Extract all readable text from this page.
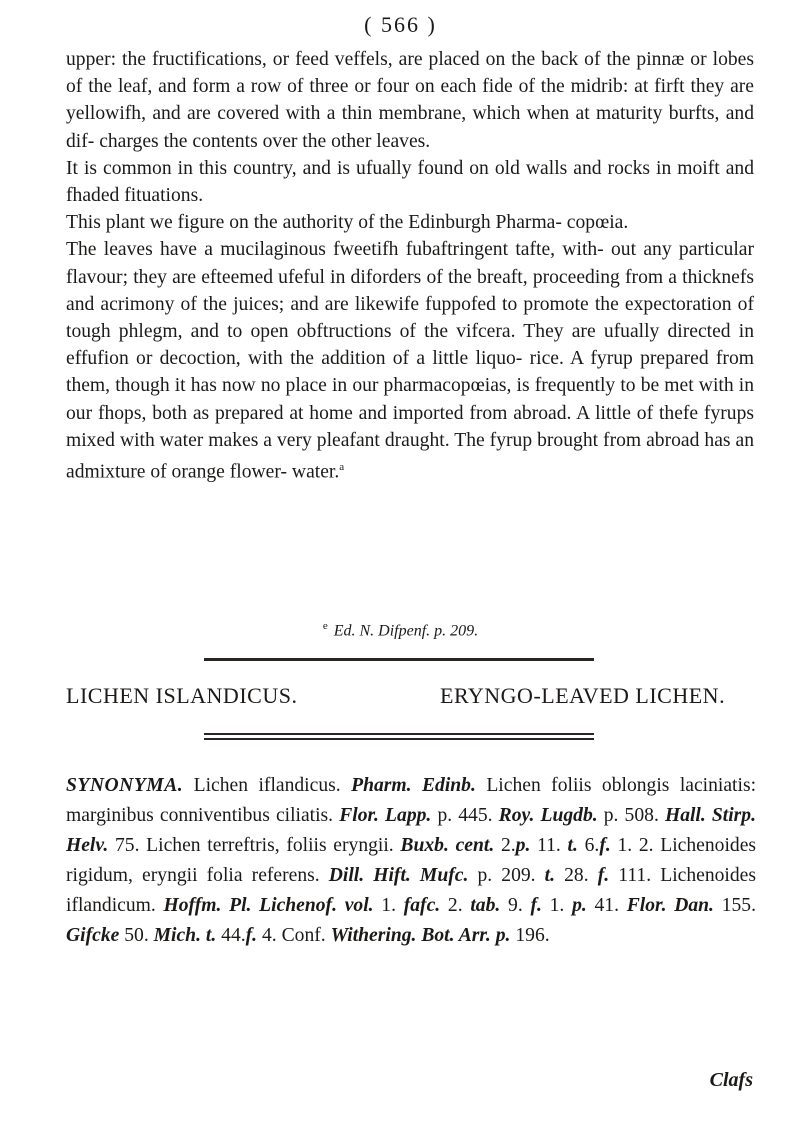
( 566 )

upper: the fructifications, or feed veffels, are placed on the back of the pinnæ or lobes of the leaf, and form a row of three or four on each fide of the midrib: at firft they are yellowifh, and are covered with a thin membrane, which when at maturity burfts, and dif- charges the contents over the other leaves.

It is common in this country, and is ufually found on old walls and rocks in moift and fhaded fituations.

This plant we figure on the authority of the Edinburgh Pharma- copœia.

The leaves have a mucilaginous fweetifh fubaftringent tafte, with- out any particular flavour; they are efteemed ufeful in diforders of the breaft, proceeding from a thicknefs and acrimony of the juices; and are likewife fuppofed to promote the expectoration of tough phlegm, and to open obftructions of the vifcera. They are ufually directed in effufion or decoction, with the addition of a little liquo- rice. A fyrup prepared from them, though it has now no place in our pharmacopœias, is frequently to be met with in our fhops, both as prepared at home and imported from abroad. A little of thefe fyrups mixed with water makes a very pleafant draught. The fyrup brought from abroad has an admixture of orange flower- water.$^a$

$^e$ Ed. N. Difpenf. p. 209.
LICHEN ISLANDICUS.	ERYNGO-LEAVED LICHEN.

SYNONYMA. Lichen iflandicus. Pharm. Edinb. Lichen foliis oblongis laciniatis: marginibus conniventibus ciliatis. Flor. Lapp. p. 445. Roy. Lugdb. p. 508. Hall. Stirp. Helv. 75. Lichen terreftris, foliis eryngii. Buxb. cent. 2.p. 11. t. 6.f. 1. 2. Lichenoides rigidum, eryngii folia referens. Dill. Hift. Mufc. p. 209. t. 28. f. 111. Lichenoides iflandicum. Hoffm. Pl. Lichenof. vol. 1. fafc. 2. tab. 9. f. 1. p. 41. Flor. Dan. 155. Gifcke 50. Mich. t. 44.f. 4. Conf. Withering. Bot. Arr. p. 196.

Clafs
